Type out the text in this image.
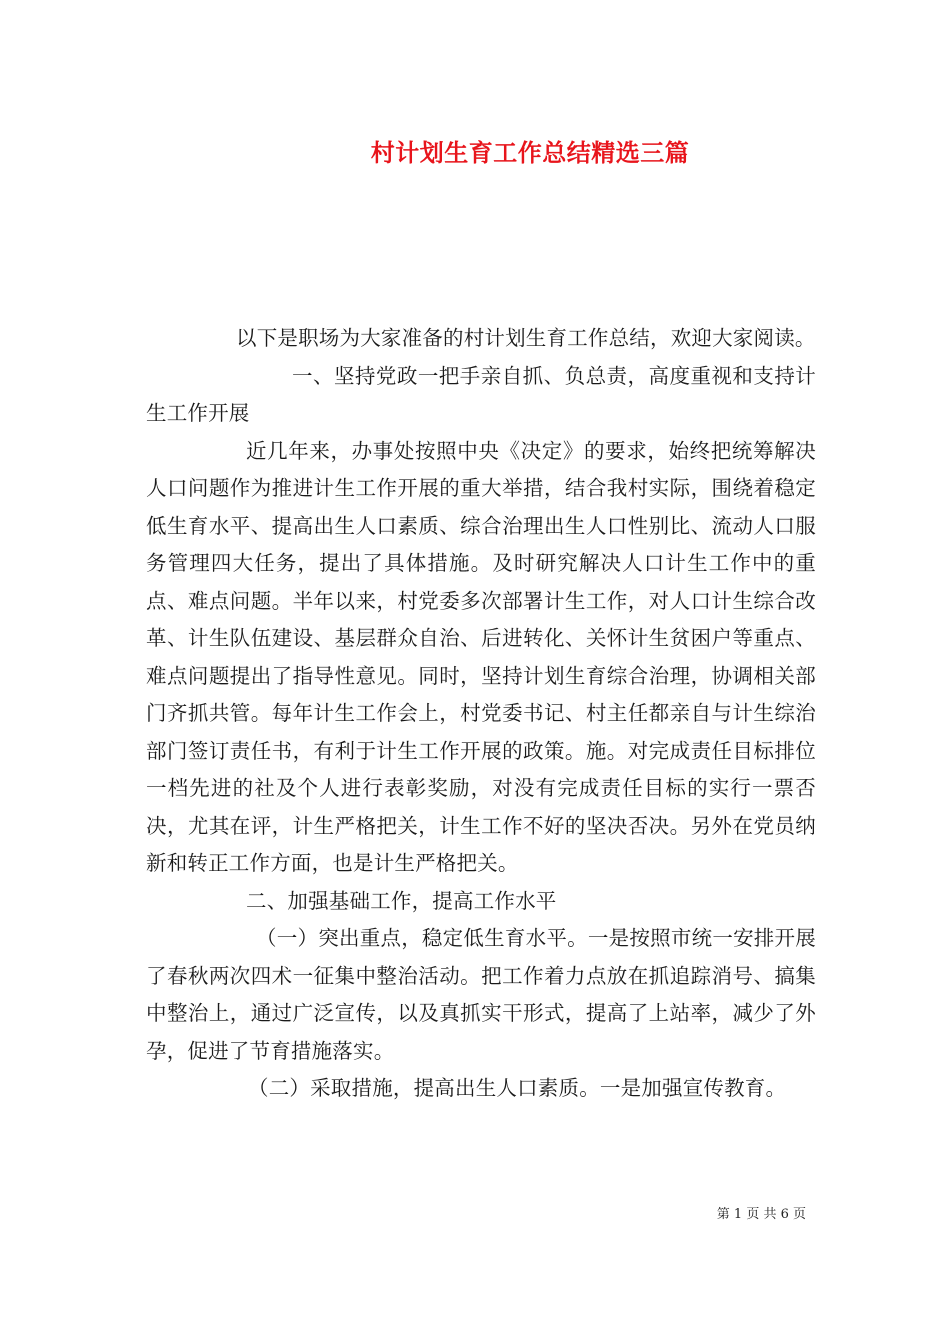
村计划生育工作总结精选三篇

以下是职场为大家准备的村计划生育工作总结，欢迎大家阅读。

一、坚持党政一把手亲自抓、负总责，高度重视和支持计生工作开展

近几年来，办事处按照中央《决定》的要求，始终把统筹解决人口问题作为推进计生工作开展的重大举措，结合我村实际，围绕着稳定低生育水平、提高出生人口素质、综合治理出生人口性别比、流动人口服务管理四大任务，提出了具体措施。及时研究解决人口计生工作中的重点、难点问题。半年以来，村党委多次部署计生工作，对人口计生综合改革、计生队伍建设、基层群众自治、后进转化、关怀计生贫困户等重点、难点问题提出了指导性意见。同时，坚持计划生育综合治理，协调相关部门齐抓共管。每年计生工作会上，村党委书记、村主任都亲自与计生综治部门签订责任书，有利于计生工作开展的政策。施。对完成责任目标排位一档先进的社及个人进行表彰奖励，对没有完成责任目标的实行一票否决，尤其在评，计生严格把关，计生工作不好的坚决否决。另外在党员纳新和转正工作方面，也是计生严格把关。

二、加强基础工作，提高工作水平

（一）突出重点，稳定低生育水平。一是按照市统一安排开展了春秋两次四术一征集中整治活动。把工作着力点放在抓追踪消号、搞集中整治上，通过广泛宣传，以及真抓实干形式，提高了上站率，减少了外孕，促进了节育措施落实。

（二）采取措施，提高出生人口素质。一是加强宣传教育。

第 1 页 共 6 页
